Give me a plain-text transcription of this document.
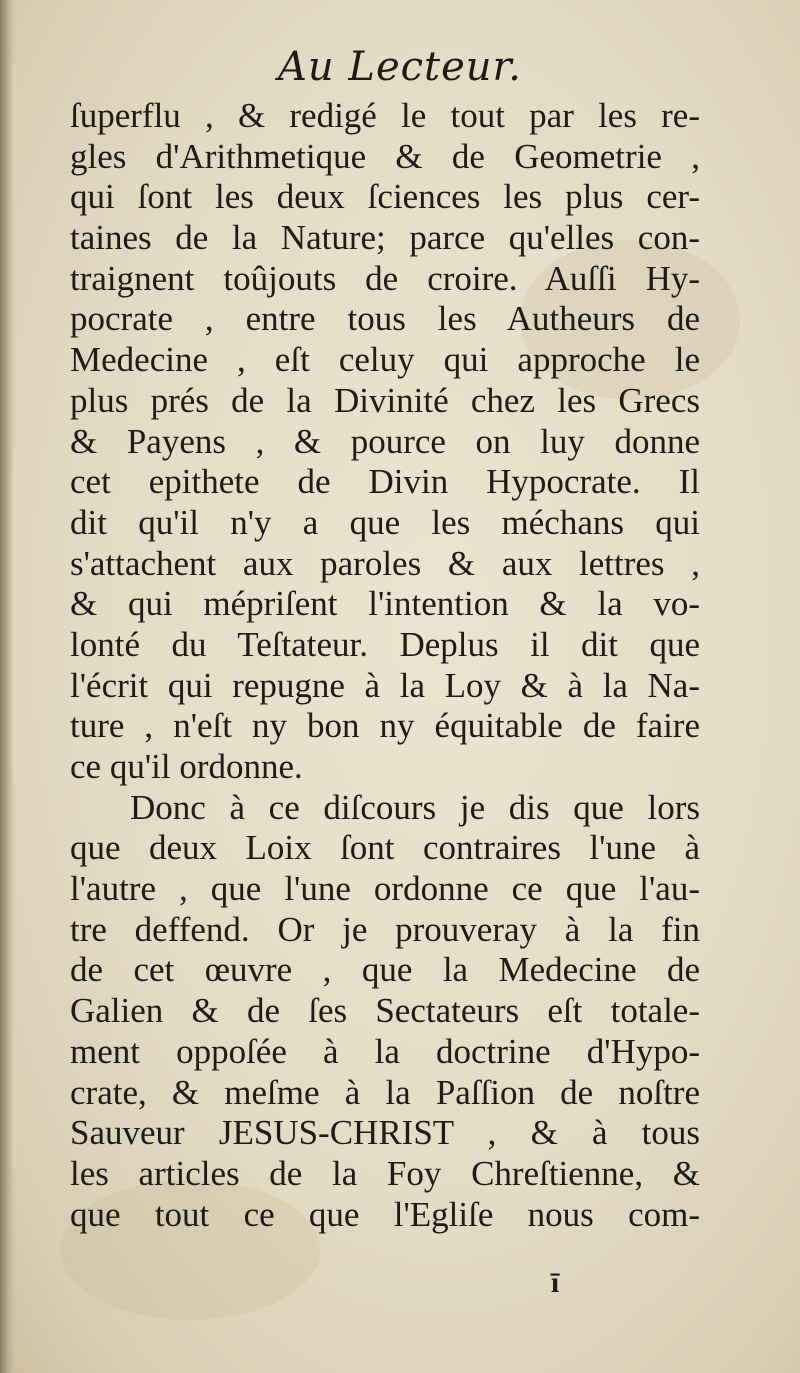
Au Lecteur.
ſuperflu , & redigé le tout par les re-
gles d'Arithmetique & de Geometrie ,
qui ſont les deux ſciences les plus cer-
taines de la Nature; parce qu'elles con-
traignent toûjouts de croire. Auſſi Hy-
pocrate , entre tous les Autheurs de
Medecine , eſt celuy qui approche le
plus prés de la Divinité chez les Grecs
& Payens , & pource on luy donne
cet epithete de Divin Hypocrate. Il
dit qu'il n'y a que les méchans qui
s'attachent aux paroles & aux lettres ,
& qui mépriſent l'intention & la vo-
lonté du Teſtateur. Deplus il dit que
l'écrit qui repugne à la Loy & à la Na-
ture , n'eſt ny bon ny équitable de faire
ce qu'il ordonne.
Donc à ce diſcours je dis que lors
que deux Loix ſont contraires l'une à
l'autre , que l'une ordonne ce que l'au-
tre deffend. Or je prouveray à la fin
de cet œuvre , que la Medecine de
Galien & de ſes Sectateurs eſt totale-
ment oppoſée à la doctrine d'Hypo-
crate, & meſme à la Paſſion de noſtre
Sauveur JESUS-CHRIST , & à tous
les articles de la Foy Chreſtienne, &
que tout ce que l'Egliſe nous com-
ī
